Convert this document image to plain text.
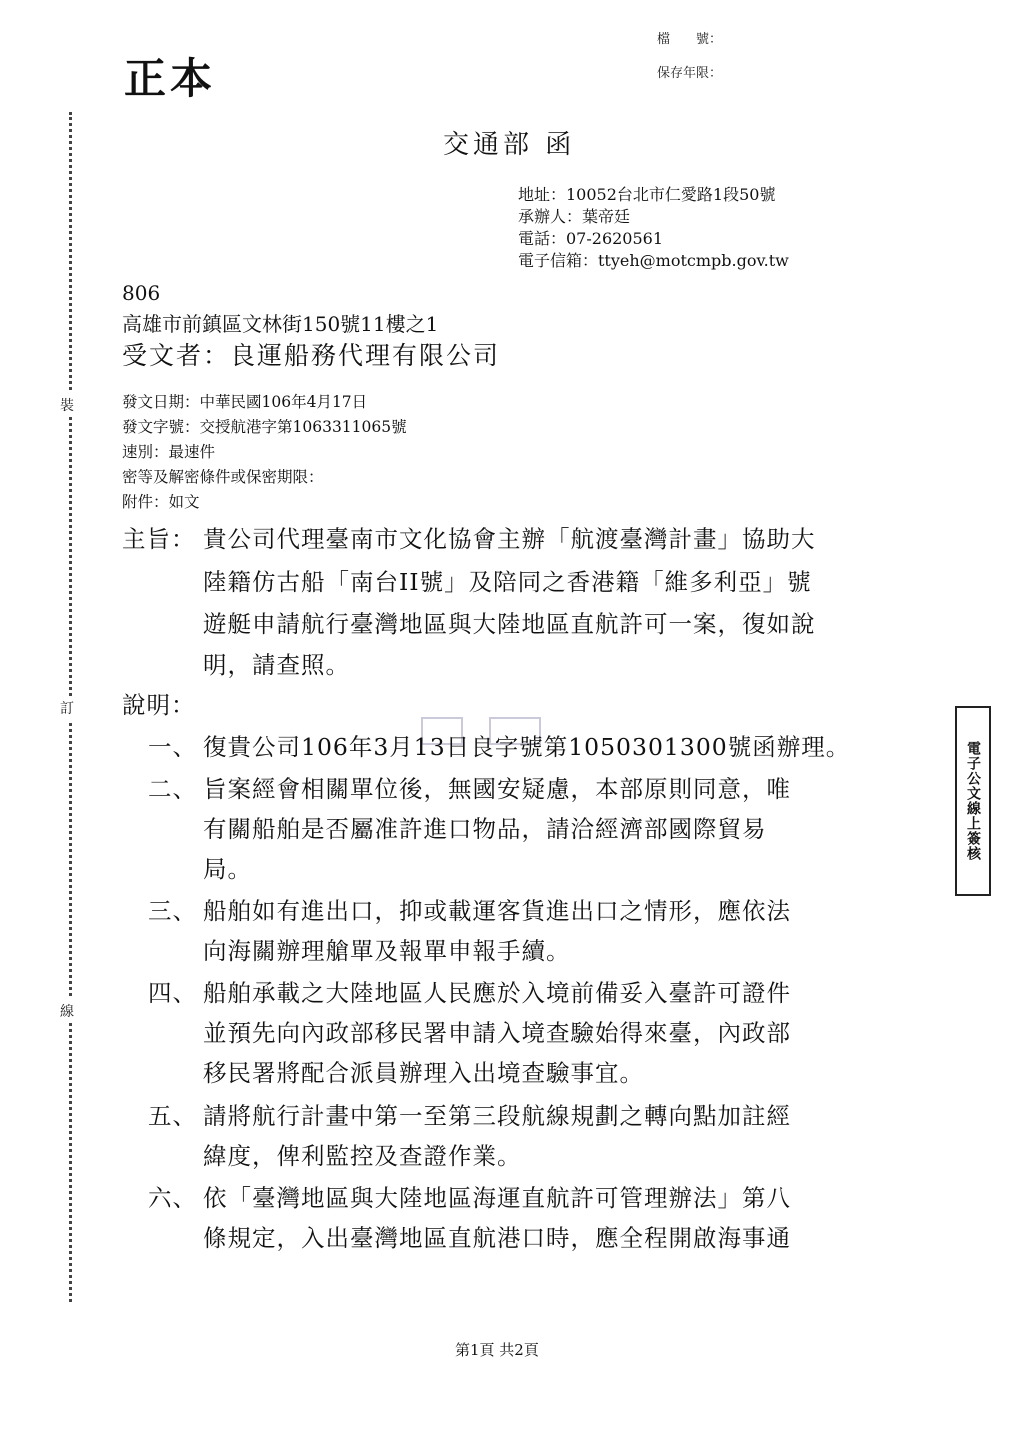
正本
檔　　號：
保存年限：
裝
訂
線
交通部 函
地址：10052台北市仁愛路1段50號
承辦人：葉帝廷
電話：07-2620561
電子信箱：ttyeh@motcmpb.gov.tw
806
高雄市前鎮區文林街150號11樓之1
受文者：良運船務代理有限公司
發文日期：中華民國106年4月17日
發文字號：交授航港字第1063311065號
速別：最速件
密等及解密條件或保密期限：
附件：如文
主旨： 貴公司代理臺南市文化協會主辦「航渡臺灣計畫」協助大
陸籍仿古船「南台II號」及陪同之香港籍「維多利亞」號
遊艇申請航行臺灣地區與大陸地區直航許可一案，復如說
明，請查照。
說明：
一、 復貴公司106年3月13日良字號第1050301300號函辦理。
二、 旨案經會相關單位後，無國安疑慮，本部原則同意，唯
有關船舶是否屬准許進口物品，請洽經濟部國際貿易
局。
三、 船舶如有進出口，抑或載運客貨進出口之情形，應依法
向海關辦理艙單及報單申報手續。
四、 船舶承載之大陸地區人民應於入境前備妥入臺許可證件
並預先向內政部移民署申請入境查驗始得來臺，內政部
移民署將配合派員辦理入出境查驗事宜。
五、 請將航行計畫中第一至第三段航線規劃之轉向點加註經
緯度，俾利監控及查證作業。
六、 依「臺灣地區與大陸地區海運直航許可管理辦法」第八
條規定，入出臺灣地區直航港口時，應全程開啟海事通
電子公文線上簽核
第1頁 共2頁
